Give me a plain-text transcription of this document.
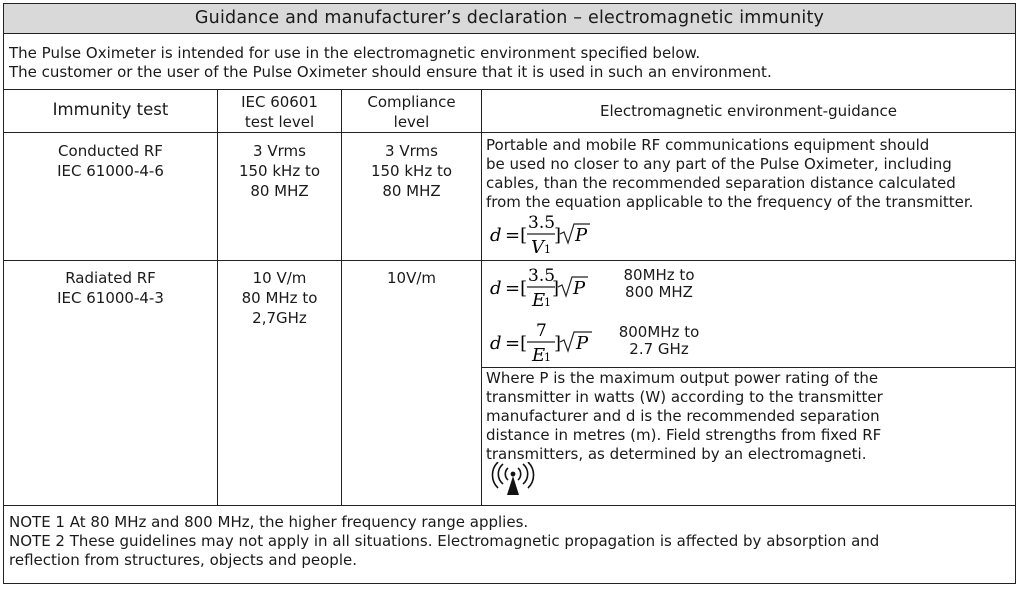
Guidance and manufacturer’s declaration – electromagnetic immunity
The Pulse Oximeter is intended for use in the electromagnetic environment specified below.
The customer or the user of the Pulse Oximeter should ensure that it is used in such an environment.
Immunity test	IEC 60601
test level
Compliance
level
Electromagnetic environment-guidance
Conducted RF
IEC 61000-4-6
3 Vrms
150 kHz to
80 MHZ
3 Vrms
150 kHz to
80 MHZ
Portable and mobile RF communications equipment should
be used no closer to any part of the Pulse Oximeter, including
cables, than the recommended separation distance calculated
from the equation applicable to the frequency of the transmitter.
d =[
3.5
V 1
] P
Radiated RF
IEC 61000-4-3
10 V/m
80 MHz to
2,7GHz
10V/m	d =[
3.5
E
1
] P
80MHz to
800 MHZ
d =[
7
E
1
] P
800MHz to
2.7 GHz
Where P is the maximum output power rating of the
transmitter in watts (W) according to the transmitter
manufacturer and d is the recommended separation
distance in metres (m). Field strengths from fixed RF
transmitters, as determined by an electromagneti.
NOTE 1 At 80 MHz and 800 MHz, the higher frequency range applies.
NOTE 2 These guidelines may not apply in all situations. Electromagnetic propagation is affected by absorption and
reflection from structures, objects and people.
